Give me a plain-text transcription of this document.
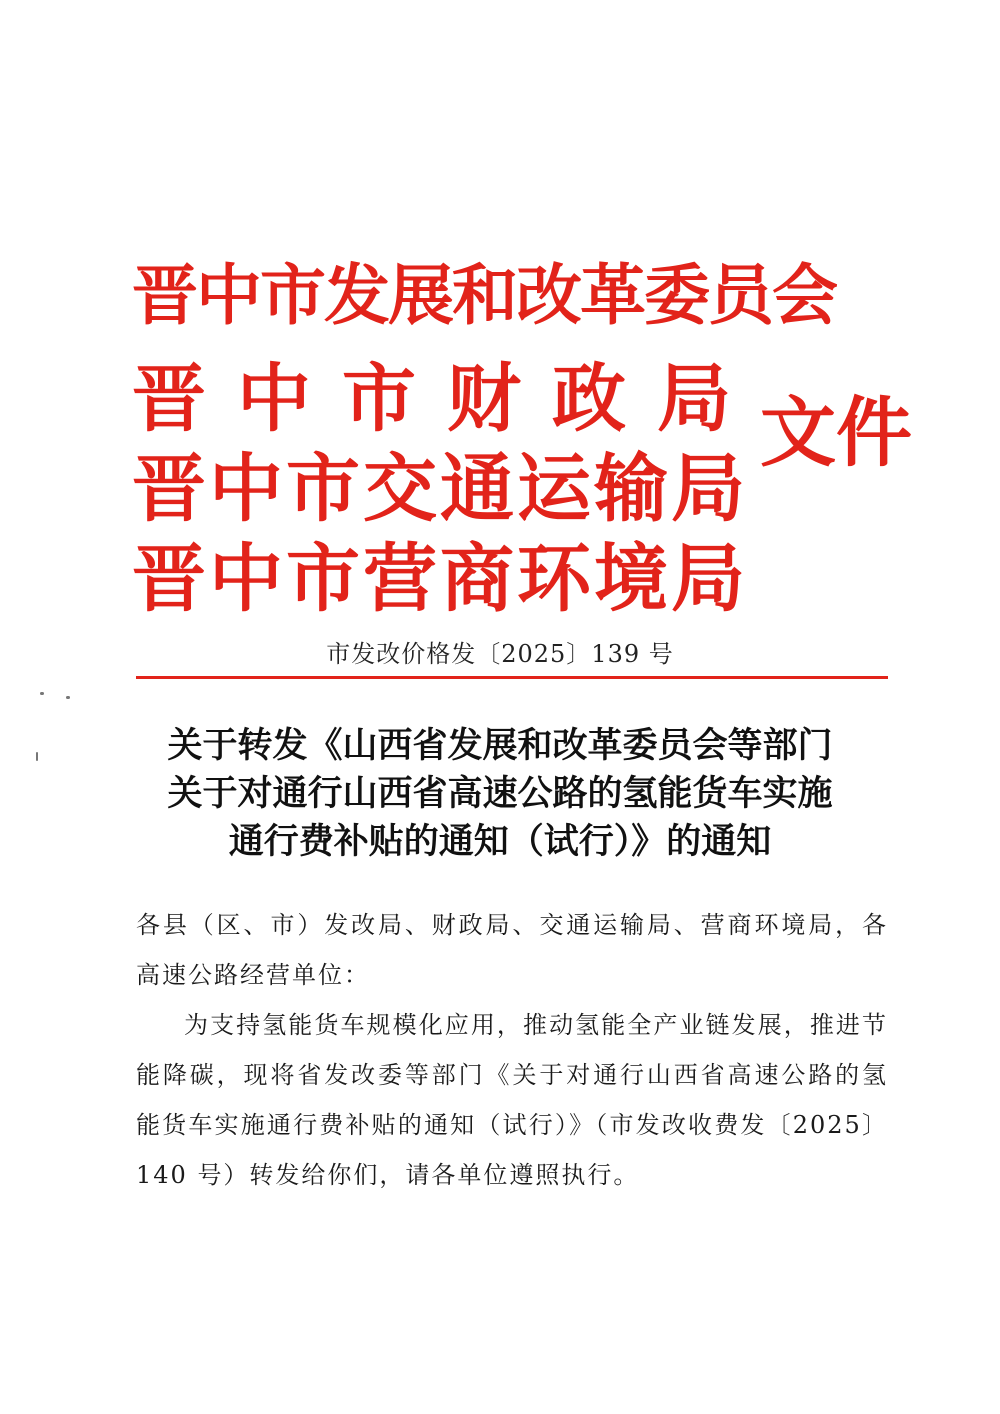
晋中市发展和改革委员会
晋中市财政局
晋中市交通运输局
晋中市营商环境局
文件
市发改价格发〔2025〕139 号
关于转发《山西省发展和改革委员会等部门
关于对通行山西省高速公路的氢能货车实施
通行费补贴的通知（试行）》的通知

各县（区、市）发改局、财政局、交通运输局、营商环境局，各高速公路经营单位：

为支持氢能货车规模化应用，推动氢能全产业链发展，推进节能降碳，现将省发改委等部门《关于对通行山西省高速公路的氢能货车实施通行费补贴的通知（试行）》（市发改收费发〔2025〕140 号）转发给你们，请各单位遵照执行。
